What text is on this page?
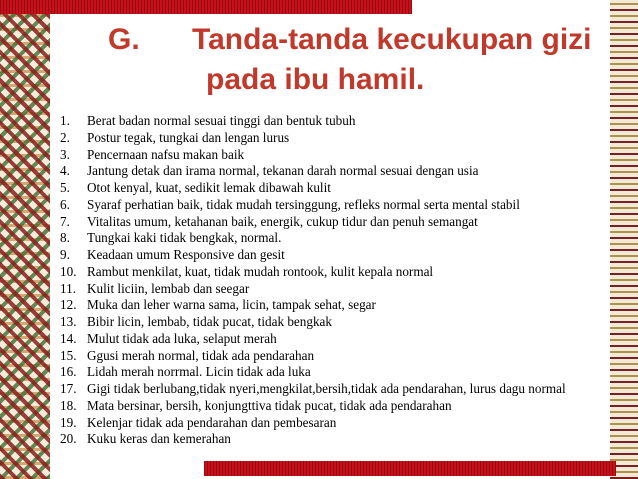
G.	Tanda-tanda kecukupan gizi
pada ibu hamil.
1.	Berat badan normal sesuai tinggi dan bentuk tubuh
2.	Postur tegak, tungkai dan lengan lurus
3.	Pencernaan nafsu makan baik
4.	Jantung detak dan irama normal, tekanan darah normal sesuai dengan usia
5.	Otot kenyal, kuat, sedikit lemak dibawah kulit
6.	Syaraf perhatian baik, tidak mudah tersinggung, refleks normal serta mental stabil
7.	Vitalitas umum, ketahanan baik, energik, cukup tidur dan penuh semangat
8.	Tungkai kaki tidak bengkak, normal.
9.	Keadaan umum Responsive dan gesit
10. Rambut menkilat, kuat, tidak mudah rontook, kulit kepala normal
11. Kulit liciin, lembab dan seegar
12. Muka dan leher warna sama, licin, tampak sehat, segar
13. Bibir licin, lembab, tidak pucat, tidak bengkak
14. Mulut tidak ada luka, selaput merah
15. Ggusi merah normal, tidak ada pendarahan
16. Lidah merah norrmal. Licin tidak ada luka
17. Gigi tidak berlubang,tidak nyeri,mengkilat,bersih,tidak ada pendarahan, lurus dagu normal
18. Mata bersinar, bersih, konjungttiva tidak pucat, tidak ada pendarahan
19. Kelenjar tidak ada pendarahan dan pembesaran
20. Kuku keras dan kemerahan
